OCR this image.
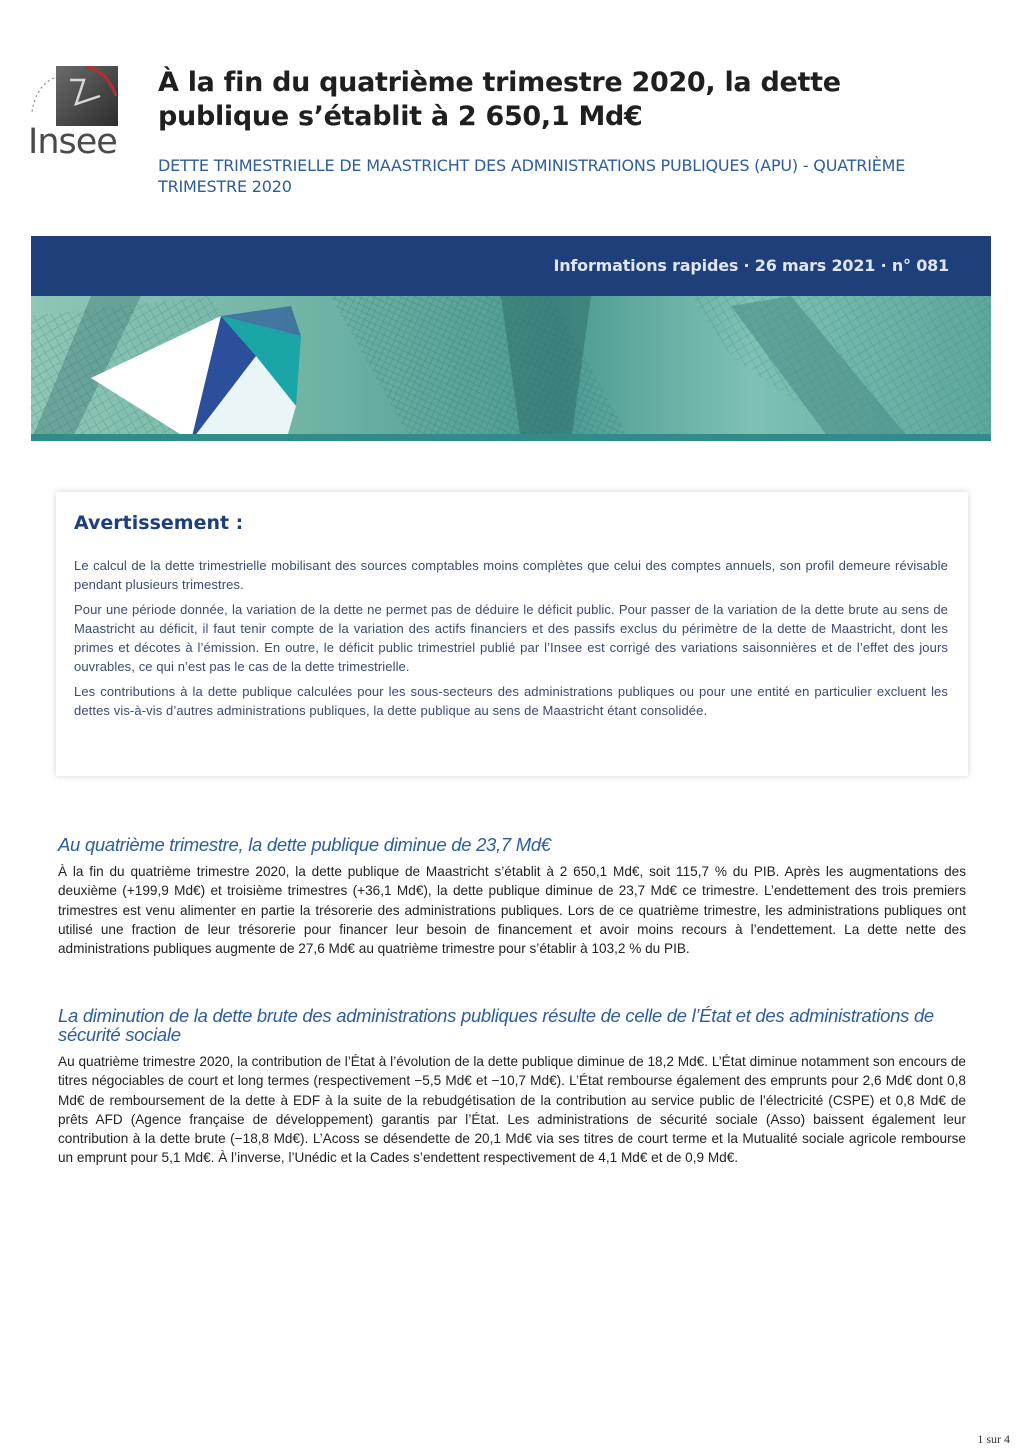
Insee
À la fin du quatrième trimestre 2020, la dette publique s’établit à 2 650,1 Md€

DETTE TRIMESTRIELLE DE MAASTRICHT DES ADMINISTRATIONS PUBLIQUES (APU) - QUATRIÈME TRIMESTRE 2020

Informations rapides · 26 mars 2021 · n° 081
Avertissement :

Le calcul de la dette trimestrielle mobilisant des sources comptables moins complètes que celui des comptes annuels, son profil demeure révisable pendant plusieurs trimestres.

Pour une période donnée, la variation de la dette ne permet pas de déduire le déficit public. Pour passer de la variation de la dette brute au sens de Maastricht au déficit, il faut tenir compte de la variation des actifs financiers et des passifs exclus du périmètre de la dette de Maastricht, dont les primes et décotes à l’émission. En outre, le déficit public trimestriel publié par l’Insee est corrigé des variations saisonnières et de l’effet des jours ouvrables, ce qui n’est pas le cas de la dette trimestrielle.

Les contributions à la dette publique calculées pour les sous-secteurs des administrations publiques ou pour une entité en particulier excluent les dettes vis-à-vis d’autres administrations publiques, la dette publique au sens de Maastricht étant consolidée.

Au quatrième trimestre, la dette publique diminue de 23,7 Md€

À la fin du quatrième trimestre 2020, la dette publique de Maastricht s’établit à 2 650,1 Md€, soit 115,7 % du PIB. Après les augmentations des deuxième (+199,9 Md€) et troisième trimestres (+36,1 Md€), la dette publique diminue de 23,7 Md€ ce trimestre. L’endettement des trois premiers trimestres est venu alimenter en partie la trésorerie des administrations publiques. Lors de ce quatrième trimestre, les administrations publiques ont utilisé une fraction de leur trésorerie pour financer leur besoin de financement et avoir moins recours à l’endettement. La dette nette des administrations publiques augmente de 27,6 Md€ au quatrième trimestre pour s’établir à 103,2 % du PIB.

La diminution de la dette brute des administrations publiques résulte de celle de l’État et des administrations de sécurité sociale

Au quatrième trimestre 2020, la contribution de l’État à l’évolution de la dette publique diminue de 18,2 Md€. L’État diminue notamment son encours de titres négociables de court et long termes (respectivement −5,5 Md€ et −10,7 Md€). L’État rembourse également des emprunts pour 2,6 Md€ dont 0,8 Md€ de remboursement de la dette à EDF à la suite de la rebudgétisation de la contribution au service public de l’électricité (CSPE) et 0,8 Md€ de prêts AFD (Agence française de développement) garantis par l’État. Les administrations de sécurité sociale (Asso) baissent également leur contribution à la dette brute (−18,8 Md€). L’Acoss se désendette de 20,1 Md€ via ses titres de court terme et la Mutualité sociale agricole rembourse un emprunt pour 5,1 Md€. À l’inverse, l’Unédic et la Cades s’endettent respectivement de 4,1 Md€ et de 0,9 Md€.

1 sur 4
